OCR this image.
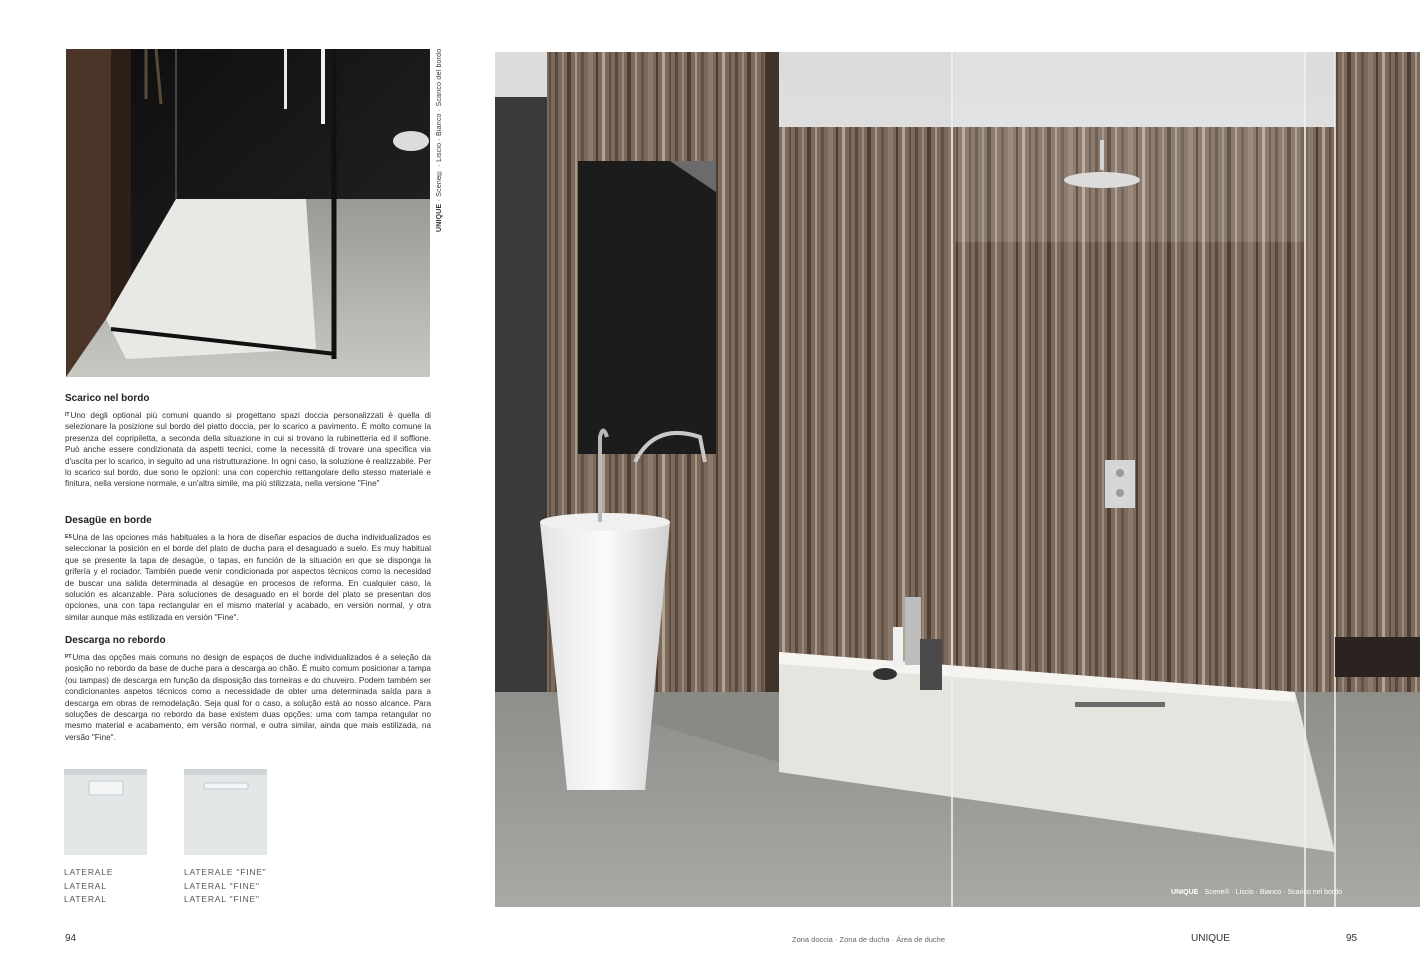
UNIQUE · Scene® · Liscio · Bianco · Scarico del bordo
Scarico nel bordo

$^{IT}$Uno degli optional più comuni quando si progettano spazi doccia personalizzati è quella di selezionare la posizione sul bordo del piatto doccia, per lo scarico a pavimento. È molto comune la presenza del copripiletta, a seconda della situazione in cui si trovano la rubinetteria ed il soffione. Può anche essere condizionata da aspetti tecnici, come la necessità di trovare una specifica via d'uscita per lo scarico, in seguito ad una ristrutturazione. In ogni caso, la soluzione è realizzabile. Per lo scarico sul bordo, due sono le opzioni: una con coperchio rettangolare dello stesso materiale e finitura, nella versione normale, e un'altra simile, ma più stilizzata, nella versione "Fine"

Desagüe en borde

$^{ES}$Una de las opciones más habituales a la hora de diseñar espacios de ducha individualizados es seleccionar la posición en el borde del plato de ducha para el desaguado a suelo. Es muy habitual que se presente la tapa de desagüe, o tapas, en función de la situación en que se disponga la grifería y el rociador. También puede venir condicionada por aspectos técnicos como la necesidad de buscar una salida determinada al desagüe en procesos de reforma. En cualquier caso, la solución es alcanzable. Para soluciones de desaguado en el borde del plato se presentan dos opciones, una con tapa rectangular en el mismo material y acabado, en versión normal, y otra similar aunque más estilizada en versión "Fine".

Descarga no rebordo

$^{PT}$Uma das opções mais comuns no design de espaços de duche individualizados é a seleção da posição no rebordo da base de duche para a descarga ao chão. É muito comum posicionar a tampa (ou tampas) de descarga em função da disposição das torneiras e do chuveiro. Podem também ser condicionantes aspetos técnicos como a necessidade de obter uma determinada saída para a descarga em obras de remodelação. Seja qual for o caso, a solução está ao nosso alcance. Para soluções de descarga no rebordo da base existem duas opções: uma com tampa retangular no mesmo material e acabamento, em versão normal, e outra similar, ainda que mais estilizada, na versão "Fine".

LATERALE
LATERAL
LATERAL
LATERALE "FINE"
LATERAL "FINE"
LATERAL "FINE"
94
UNIQUE · Scene® · Liscio · Bianco · Scarico nel bordo
Zona doccia · Zona de ducha · Área de duche	UNIQUE	95
